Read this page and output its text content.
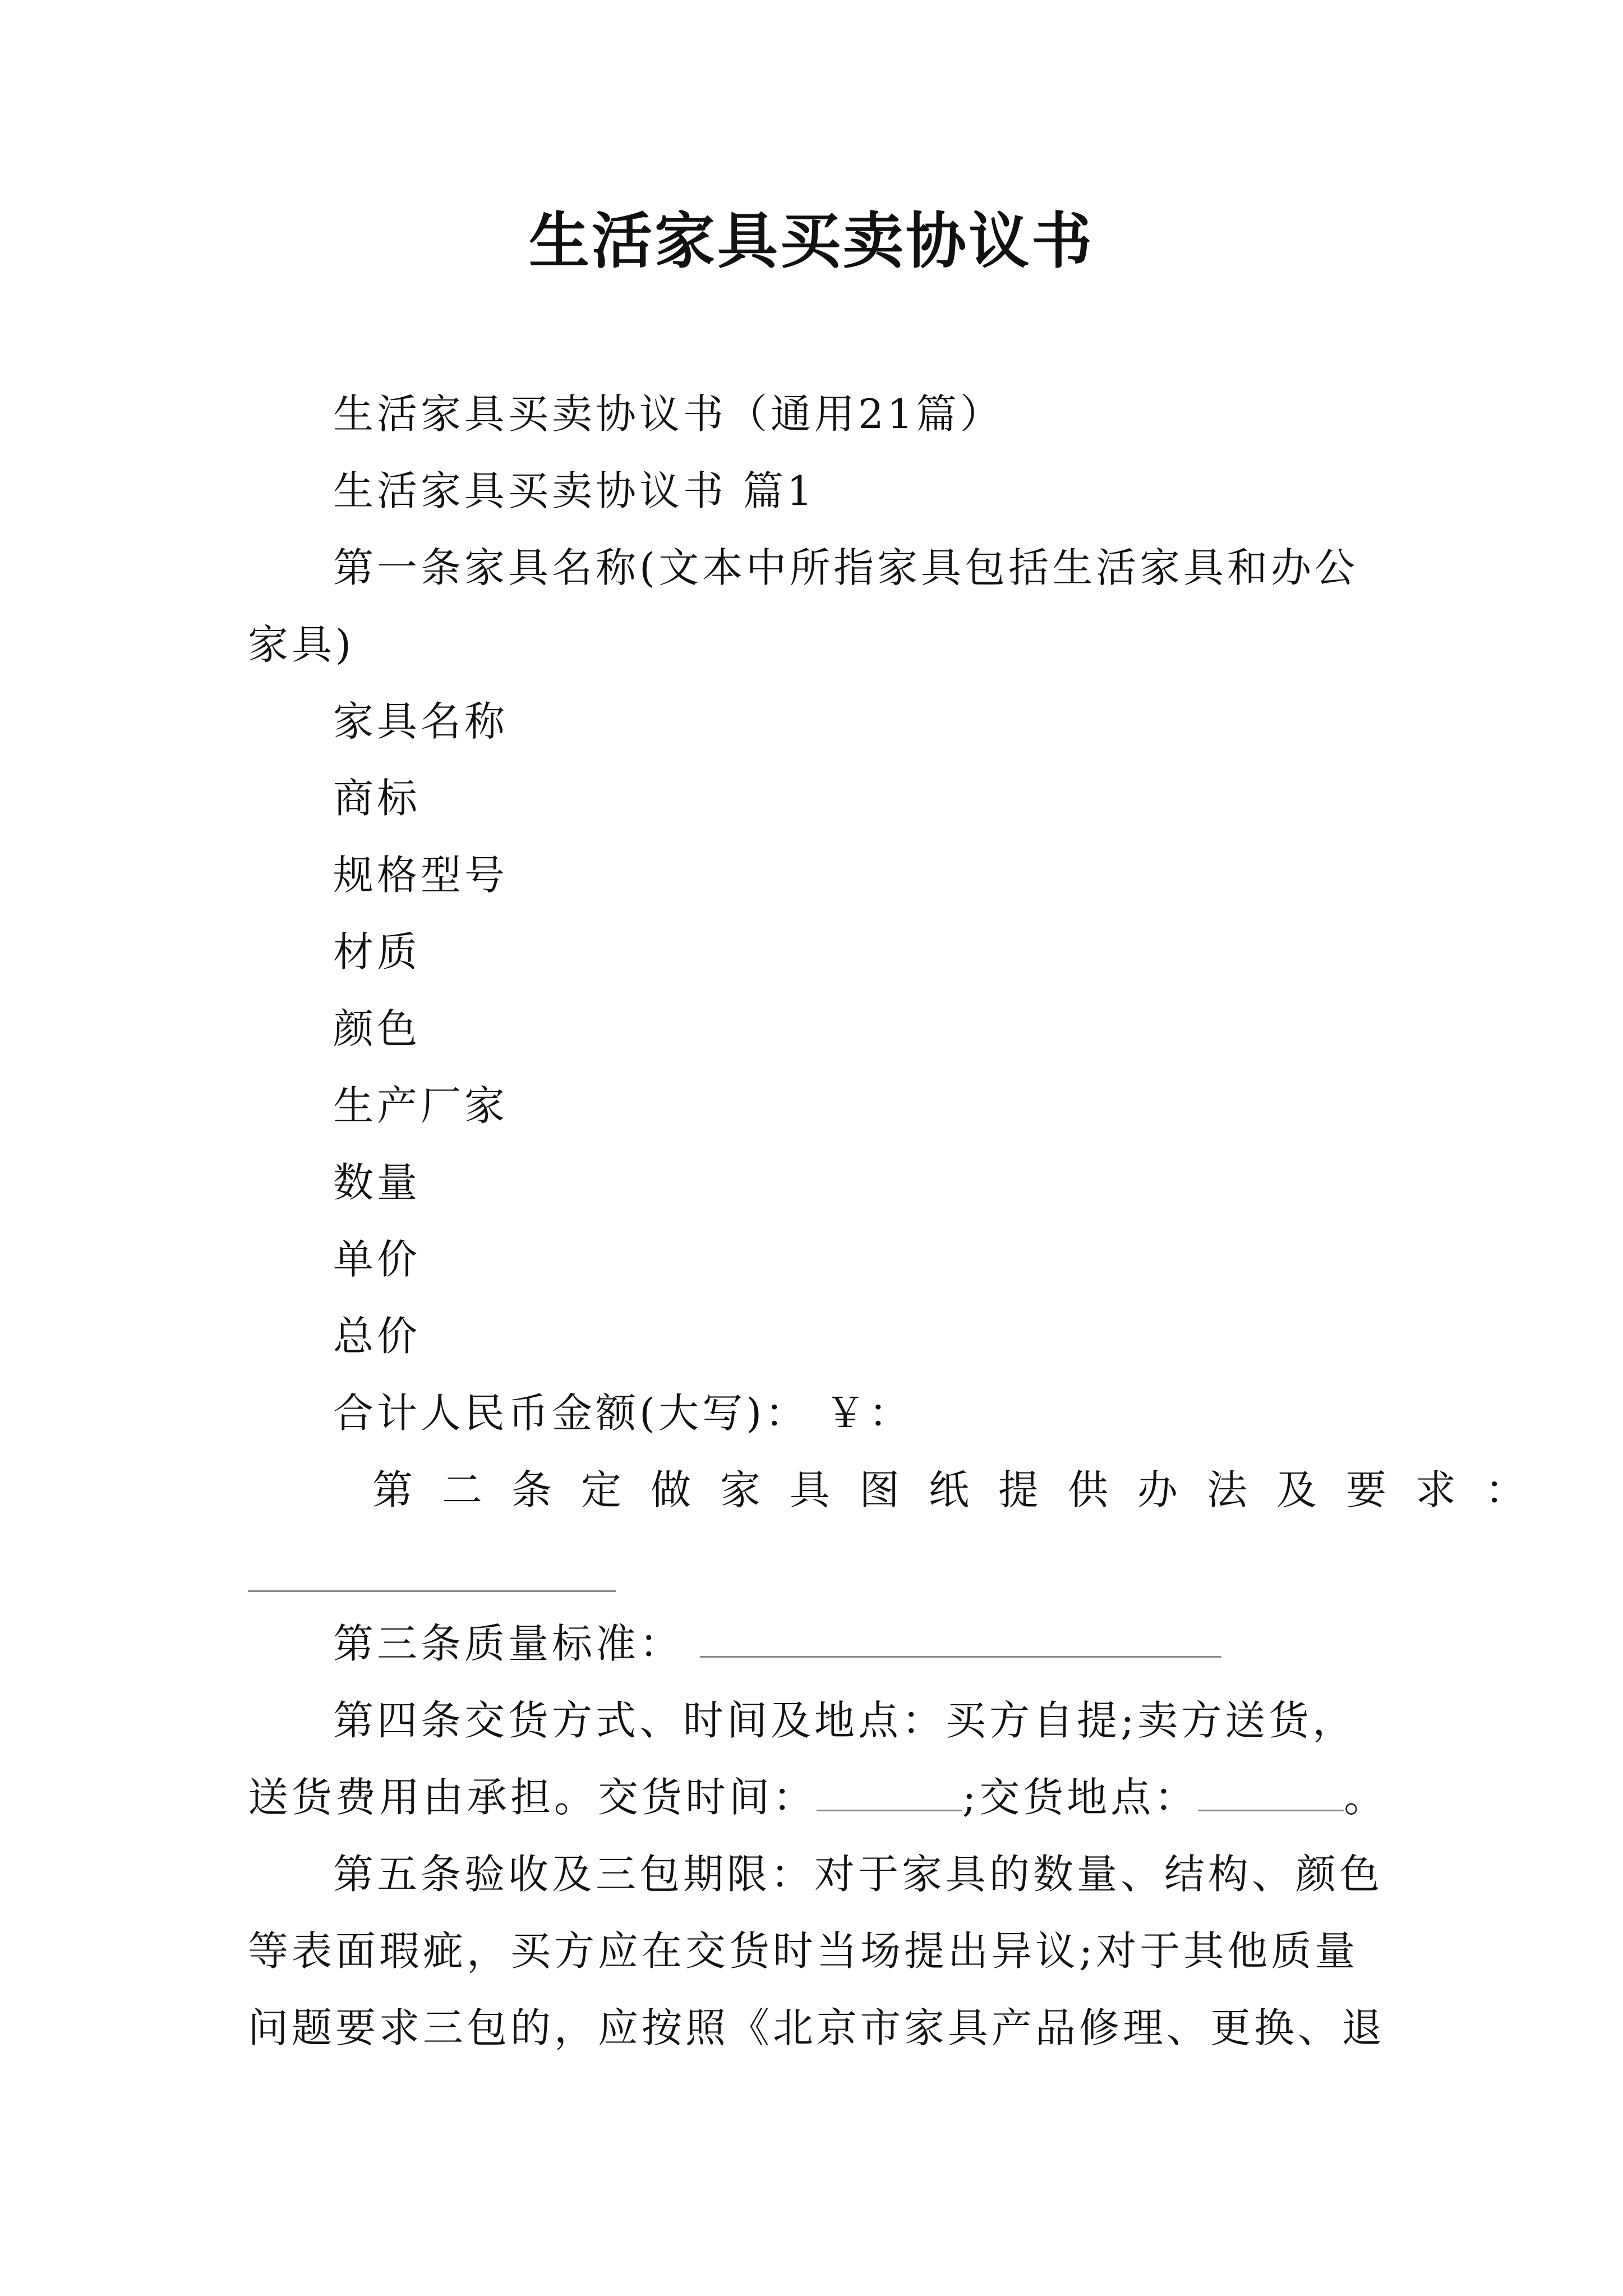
生活家具买卖协议书

生活家具买卖协议书（通用21篇）

生活家具买卖协议书 篇1

第一条家具名称(文本中所指家具包括生活家具和办公

家具)

家具名称

商标

规格型号

材质

颜色

生产厂家

数量

单价

总价

合计人民币金额(大写)： ￥：

第二条定做家具图纸提供办法及要求：

第三条质量标准：

第四条交货方式、时间及地点：买方自提;卖方送货，

送货费用由承担。交货时间：	;交货地点：	。

第五条验收及三包期限：对于家具的数量、结构、颜色

等表面瑕疵，买方应在交货时当场提出异议;对于其他质量

问题要求三包的，应按照《北京市家具产品修理、更换、退
